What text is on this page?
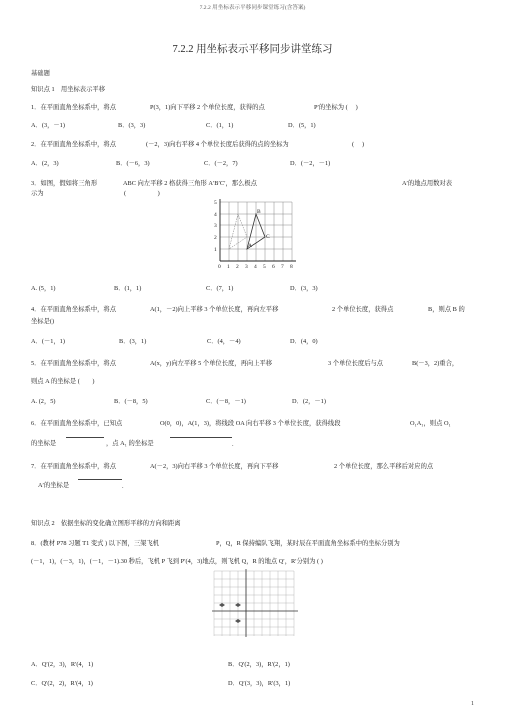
7.2.2 用坐标表示平移同步课堂练习(含答案)
7.2.2 用坐标表示平移同步讲堂练习
基础题
知识点 1　用坐标表示平移
1．在平面直角坐标系中，将点	P(3，1)向下平移 2 个单位长度，获得的点	P′的坐标为 (　 )
A．(3，－1)	B．(3，3)	C．(1，1)	D．(5，1)
2．在平面直角坐标系中，将点	(－2，3)向右平移 4 个单位长度后获得的点的坐标为	(　 )
A．(2，3)	B．(－6，3)	C．(－2，7)	D．(－2，－1)
3．如图，假如将三角形	ABC 向左平移 2 格获得三角形 A′B′C′，那么极点	A′的地点用数对表
示为	(　　　　　)
0 1 2 3 4 5 6 7 8
1
2
3
4
5
A
B
C
A. (5，1)	B．(1，1)	C．(7，1)	D．(3，3)
4．在平面直角坐标系中，将点	A(1，－2)向上平移 3 个单位长度，再向左平移	2 个单位长度，获得点	B，则点 B 的
坐标是()
A．(－1，1)	B．(3，1)	C．(4，－4)	D．(4，0)
5．在平面直角坐标系中，将点	A(x，y)向左平移 5 个单位长度，再向上平移	3 个单位长度后与点	B(－3，2)重合，
则点 A 的坐标是 (　　)
A. (2，5)	B．(－8，5)	C．(－8，－1)	D．(2，－1)
6．在平面直角坐标系中，已知点	O(0，0)，A(1，3)，将线段 OA 向右平移 3 个单位长度，获得线段	O₁A₁，则点 O₁
的坐标是	，点 A₁ 的坐标是	.
7．在平面直角坐标系中，将点	A(－2，3)向右平移 3 个单位长度，再向下平移	2 个单位长度，那么平移后对应的点
A′的坐标是	.
知识点 2　依据坐标的变化确立图形平移的方向和距离
8．(教材 P78 习题 T1 变式 ) 以下图，三架飞机	P，Q，R 保持编队飞翔，某时辰在平面直角坐标系中的坐标分别为
(－1，1)，(－3，1)，(－1，－1).30 秒后，飞机 P 飞到 P′(4，3)地点，则飞机 Q，R 的地点 Q′，R′分别为 ( )
A．Q′(2，3)，R′(4，1)	B．Q′(2，3)，R′(2，1)
C．Q′(2，2)，R′(4，1)	D．Q′(3，3)，R′(3，1)
1
